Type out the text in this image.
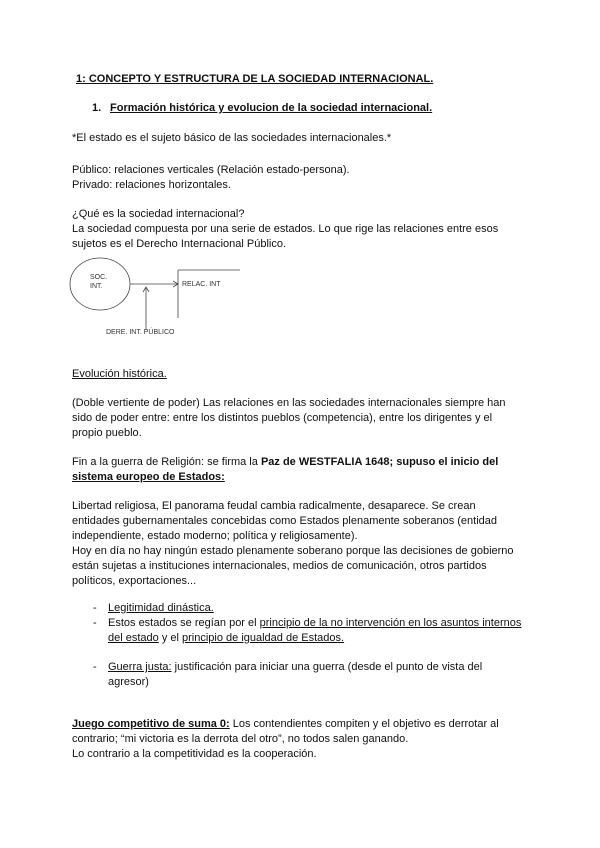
1: CONCEPTO Y ESTRUCTURA DE LA SOCIEDAD INTERNACIONAL.

1. Formación histórica y evolucion de la sociedad internacional.

*El estado es el sujeto básico de las sociedades internacionales.*

Público: relaciones verticales (Relación estado-persona).

Privado: relaciones horizontales.

¿Qué es la sociedad internacional?

La sociedad compuesta por una serie de estados. Lo que rige las relaciones entre esos

sujetos es el Derecho Internacional Público.

SOC.
INT.	RELAC. INT
DERE. INT. PÚBLICO

Evolución histórica.

(Doble vertiente de poder) Las relaciones en las sociedades internacionales siempre han

sido de poder entre: entre los distintos pueblos (competencia), entre los dirigentes y el

propio pueblo.

Fin a la guerra de Religión: se firma la Paz de WESTFALIA 1648; supuso el inicio del

sistema europeo de Estados:

Libertad religiosa, El panorama feudal cambia radicalmente, desaparece. Se crean

entidades gubernamentales concebidas como Estados plenamente soberanos (entidad

independiente, estado moderno; política y religiosamente).

Hoy en día no hay ningún estado plenamente soberano porque las decisiones de gobierno

están sujetas a instituciones internacionales, medios de comunicación, otros partidos

políticos, exportaciones...

- Legitimidad dinástica.

- Estos estados se regían por el principio de la no intervención en los asuntos internos

del estado y el principio de igualdad de Estados.

- Guerra justa: justificación para iniciar una guerra (desde el punto de vista del

agresor)

Juego competitivo de suma 0: Los contendientes compiten y el objetivo es derrotar al

contrario; “mi victoria es la derrota del otro”, no todos salen ganando.

Lo contrario a la competitividad es la cooperación.
